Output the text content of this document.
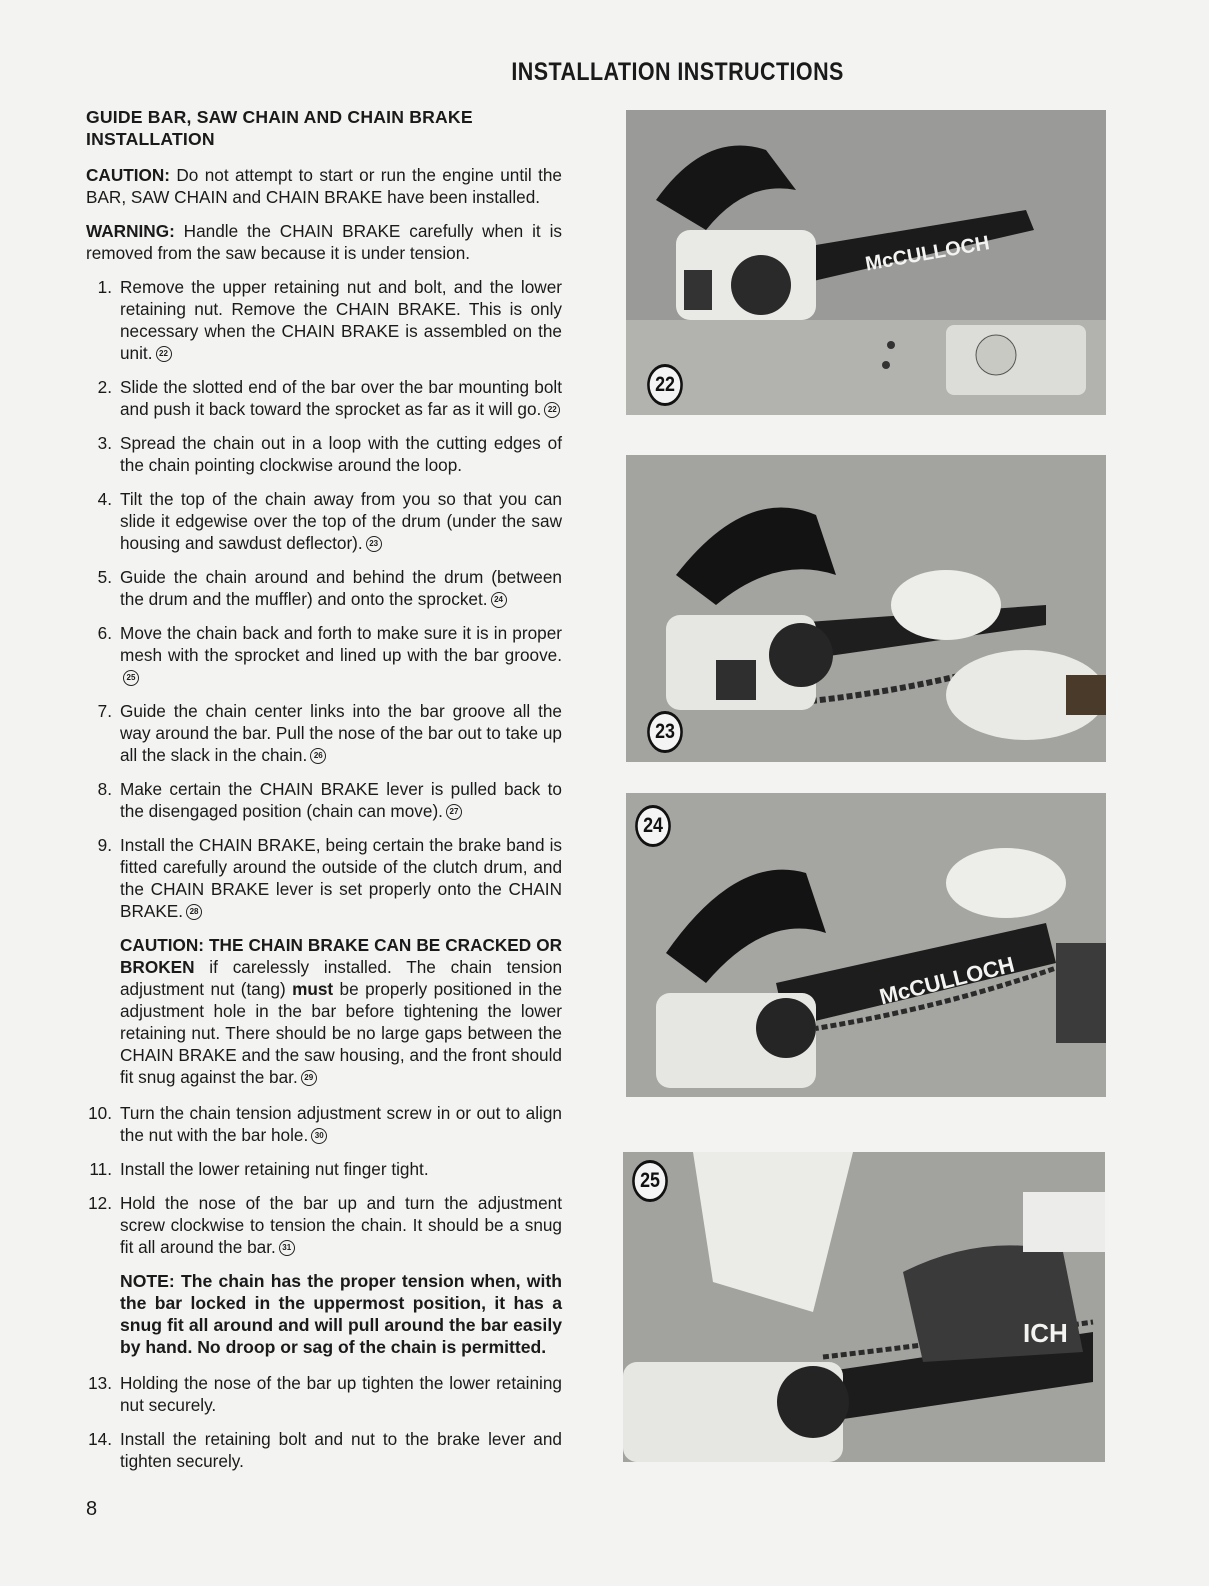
INSTALLATION INSTRUCTIONS
GUIDE BAR, SAW CHAIN AND CHAIN BRAKE INSTALLATION

CAUTION: Do not attempt to start or run the engine until the BAR, SAW CHAIN and CHAIN BRAKE have been installed.

WARNING: Handle the CHAIN BRAKE carefully when it is removed from the saw because it is under tension.

1. Remove the upper retaining nut and bolt, and the lower retaining nut. Remove the CHAIN BRAKE. This is only necessary when the CHAIN BRAKE is assembled on the unit. 22
2. Slide the slotted end of the bar over the bar mounting bolt and push it back toward the sprocket as far as it will go. 22
3. Spread the chain out in a loop with the cutting edges of the chain pointing clockwise around the loop.
4. Tilt the top of the chain away from you so that you can slide it edgewise over the top of the drum (under the saw housing and sawdust deflector). 23
5. Guide the chain around and behind the drum (between the drum and the muffler) and onto the sprocket. 24
6. Move the chain back and forth to make sure it is in proper mesh with the sprocket and lined up with the bar groove.25
7. Guide the chain center links into the bar groove all the way around the bar. Pull the nose of the bar out to take up all the slack in the chain. 26
8. Make certain the CHAIN BRAKE lever is pulled back to the disengaged position (chain can move). 27
9. Install the CHAIN BRAKE, being certain the brake band is fitted carefully around the outside of the clutch drum, and the CHAIN BRAKE lever is set properly onto the CHAIN BRAKE. 28
CAUTION: THE CHAIN BRAKE CAN BE CRACKED OR BROKEN if carelessly installed. The chain tension adjustment nut (tang) must be properly positioned in the adjustment hole in the bar before tightening the lower retaining nut. There should be no large gaps between the CHAIN BRAKE and the saw housing, and the front should fit snug against the bar. 29
10. Turn the chain tension adjustment screw in or out to align the nut with the bar hole. 30
11. Install the lower retaining nut finger tight.
12. Hold the nose of the bar up and turn the adjustment screw clockwise to tension the chain. It should be a snug fit all around the bar. 31
NOTE: The chain has the proper tension when, with the bar locked in the uppermost position, it has a snug fit all around and will pull around the bar easily by hand. No droop or sag of the chain is permitted.
13. Holding the nose of the bar up tighten the lower retaining nut securely.
14. Install the retaining bolt and nut to the brake lever and tighten securely.
8
McCULLOCH
22
23
McCULLOCH
24
ICH
25
